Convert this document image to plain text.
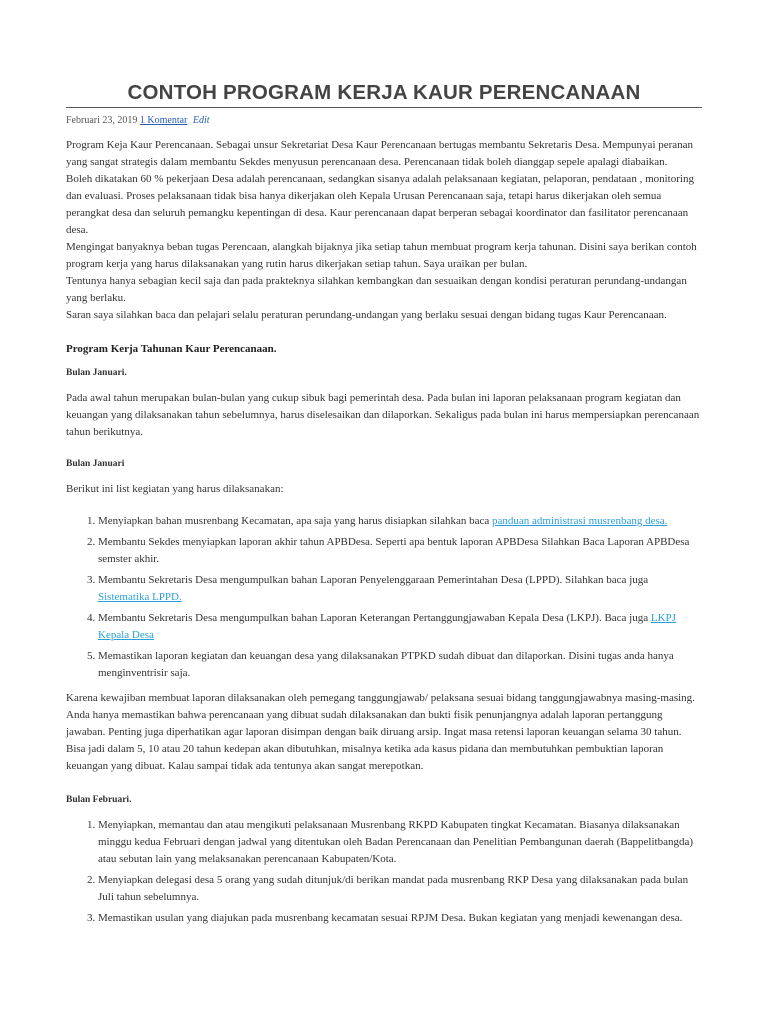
CONTOH PROGRAM KERJA KAUR PERENCANAAN
Februari 23, 2019 1 Komentar Edit

Program Keja Kaur Perencanaan. Sebagai unsur Sekretariat Desa Kaur Perencanaan bertugas membantu Sekretaris Desa. Mempunyai peranan yang sangat strategis dalam membantu Sekdes menyusun perencanaan desa. Perencanaan tidak boleh dianggap sepele apalagi diabaikan.

Boleh dikatakan 60 % pekerjaan Desa adalah perencanaan, sedangkan sisanya adalah pelaksanaan kegiatan, pelaporan, pendataan , monitoring dan evaluasi. Proses pelaksanaan tidak bisa hanya dikerjakan oleh Kepala Urusan Perencanaan saja, tetapi harus dikerjakan oleh semua perangkat desa dan seluruh pemangku kepentingan di desa. Kaur perencanaan dapat berperan sebagai koordinator dan fasilitator perencanaan desa.

Mengingat banyaknya beban tugas Perencaan, alangkah bijaknya jika setiap tahun membuat program kerja tahunan. Disini saya berikan contoh program kerja yang harus dilaksanakan yang rutin harus dikerjakan setiap tahun. Saya uraikan per bulan.

Tentunya hanya sebagian kecil saja dan pada prakteknya silahkan kembangkan dan sesuaikan dengan kondisi peraturan perundang-undangan yang berlaku.

Saran saya silahkan baca dan pelajari selalu peraturan perundang-undangan yang berlaku sesuai dengan bidang tugas Kaur Perencanaan.

Program Kerja Tahunan Kaur Perencanaan.
Bulan Januari.

Pada awal tahun merupakan bulan-bulan yang cukup sibuk bagi pemerintah desa. Pada bulan ini laporan pelaksanaan program kegiatan dan keuangan yang dilaksanakan tahun sebelumnya, harus diselesaikan dan dilaporkan. Sekaligus pada bulan ini harus mempersiapkan perencanaan tahun berikutnya.

Bulan Januari

Berikut ini list kegiatan yang harus dilaksanakan:

1. Menyiapkan bahan musrenbang Kecamatan, apa saja yang harus disiapkan silahkan baca panduan administrasi musrenbang desa.
2. Membantu Sekdes menyiapkan laporan akhir tahun APBDesa. Seperti apa bentuk laporan APBDesa Silahkan Baca Laporan APBDesa semster akhir.
3. Membantu Sekretaris Desa mengumpulkan bahan Laporan Penyelenggaraan Pemerintahan Desa (LPPD). Silahkan baca juga Sistematika LPPD.
4. Membantu Sekretaris Desa mengumpulkan bahan Laporan Keterangan Pertanggungjawaban Kepala Desa (LKPJ). Baca juga LKPJ Kepala Desa
5. Memastikan laporan kegiatan dan keuangan desa yang dilaksanakan PTPKD sudah dibuat dan dilaporkan. Disini tugas anda hanya menginventrisir saja.

Karena kewajiban membuat laporan dilaksanakan oleh pemegang tanggungjawab/ pelaksana sesuai bidang tanggungjawabnya masing-masing. Anda hanya memastikan bahwa perencanaan yang dibuat sudah dilaksanakan dan bukti fisik penunjangnya adalah laporan pertanggung jawaban. Penting juga diperhatikan agar laporan disimpan dengan baik diruang arsip. Ingat masa retensi laporan keuangan selama 30 tahun. Bisa jadi dalam 5, 10 atau 20 tahun kedepan akan dibutuhkan, misalnya ketika ada kasus pidana dan membutuhkan pembuktian laporan keuangan yang dibuat. Kalau sampai tidak ada tentunya akan sangat merepotkan.

Bulan Februari.
1. Menyiapkan, memantau dan atau mengikuti pelaksanaan Musrenbang RKPD Kabupaten tingkat Kecamatan. Biasanya dilaksanakan minggu kedua Februari dengan jadwal yang ditentukan oleh Badan Perencanaan dan Penelitian Pembangunan daerah (Bappelitbangda) atau sebutan lain yang melaksanakan perencanaan Kabupaten/Kota.
2. Menyiapkan delegasi desa 5 orang yang sudah ditunjuk/di berikan mandat pada musrenbang RKP Desa yang dilaksanakan pada bulan Juli tahun sebelumnya.
3. Memastikan usulan yang diajukan pada musrenbang kecamatan sesuai RPJM Desa. Bukan kegiatan yang menjadi kewenangan desa.
